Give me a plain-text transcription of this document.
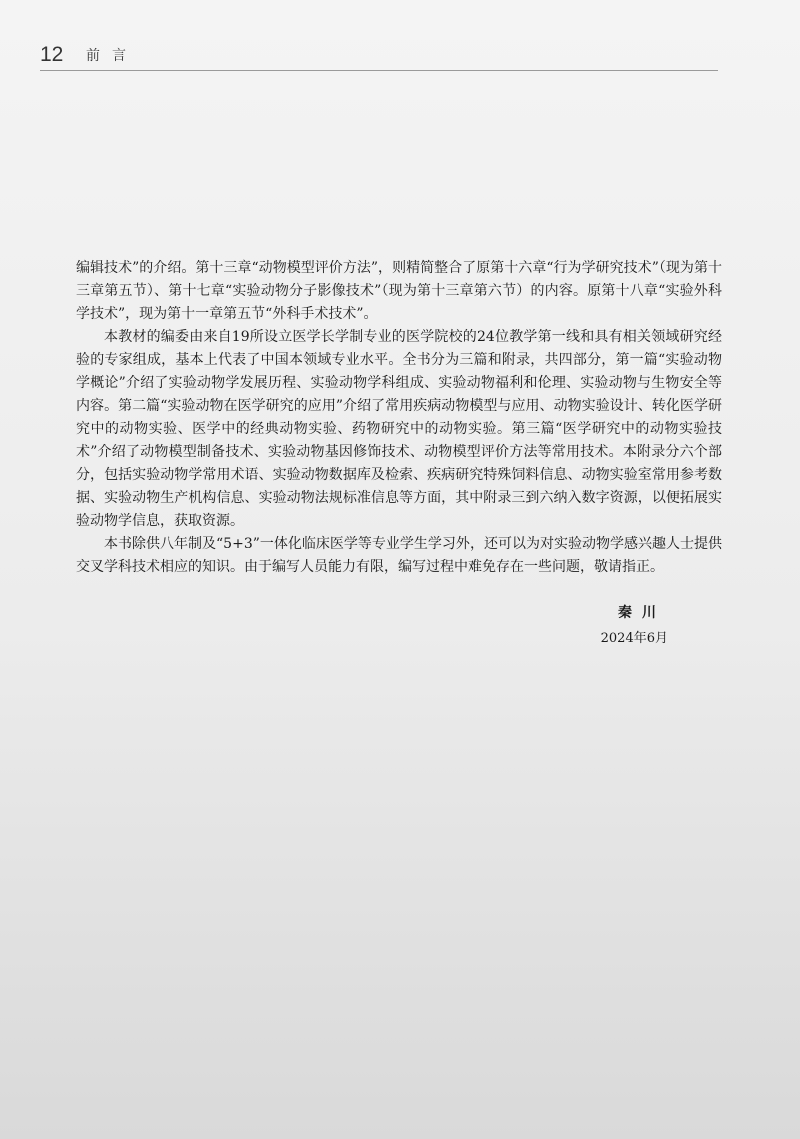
12 前言

编辑技术”的介绍。第十三章“动物模型评价方法”，则精简整合了原第十六章“行为学研究技术”（现为第十三章第五节）、第十七章“实验动物分子影像技术”（现为第十三章第六节）的内容。原第十八章“实验外科学技术”，现为第十一章第五节“外科手术技术”。

本教材的编委由来自19所设立医学长学制专业的医学院校的24位教学第一线和具有相关领域研究经验的专家组成，基本上代表了中国本领域专业水平。全书分为三篇和附录，共四部分，第一篇“实验动物学概论”介绍了实验动物学发展历程、实验动物学科组成、实验动物福利和伦理、实验动物与生物安全等内容。第二篇“实验动物在医学研究的应用”介绍了常用疾病动物模型与应用、动物实验设计、转化医学研究中的动物实验、医学中的经典动物实验、药物研究中的动物实验。第三篇“医学研究中的动物实验技术”介绍了动物模型制备技术、实验动物基因修饰技术、动物模型评价方法等常用技术。本附录分六个部分，包括实验动物学常用术语、实验动物数据库及检索、疾病研究特殊饲料信息、动物实验室常用参考数据、实验动物生产机构信息、实验动物法规标准信息等方面，其中附录三到六纳入数字资源，以便拓展实验动物学信息，获取资源。

本书除供八年制及“5+3”一体化临床医学等专业学生学习外，还可以为对实验动物学感兴趣人士提供交叉学科技术相应的知识。由于编写人员能力有限，编写过程中难免存在一些问题，敬请指正。

秦川
2024年6月
